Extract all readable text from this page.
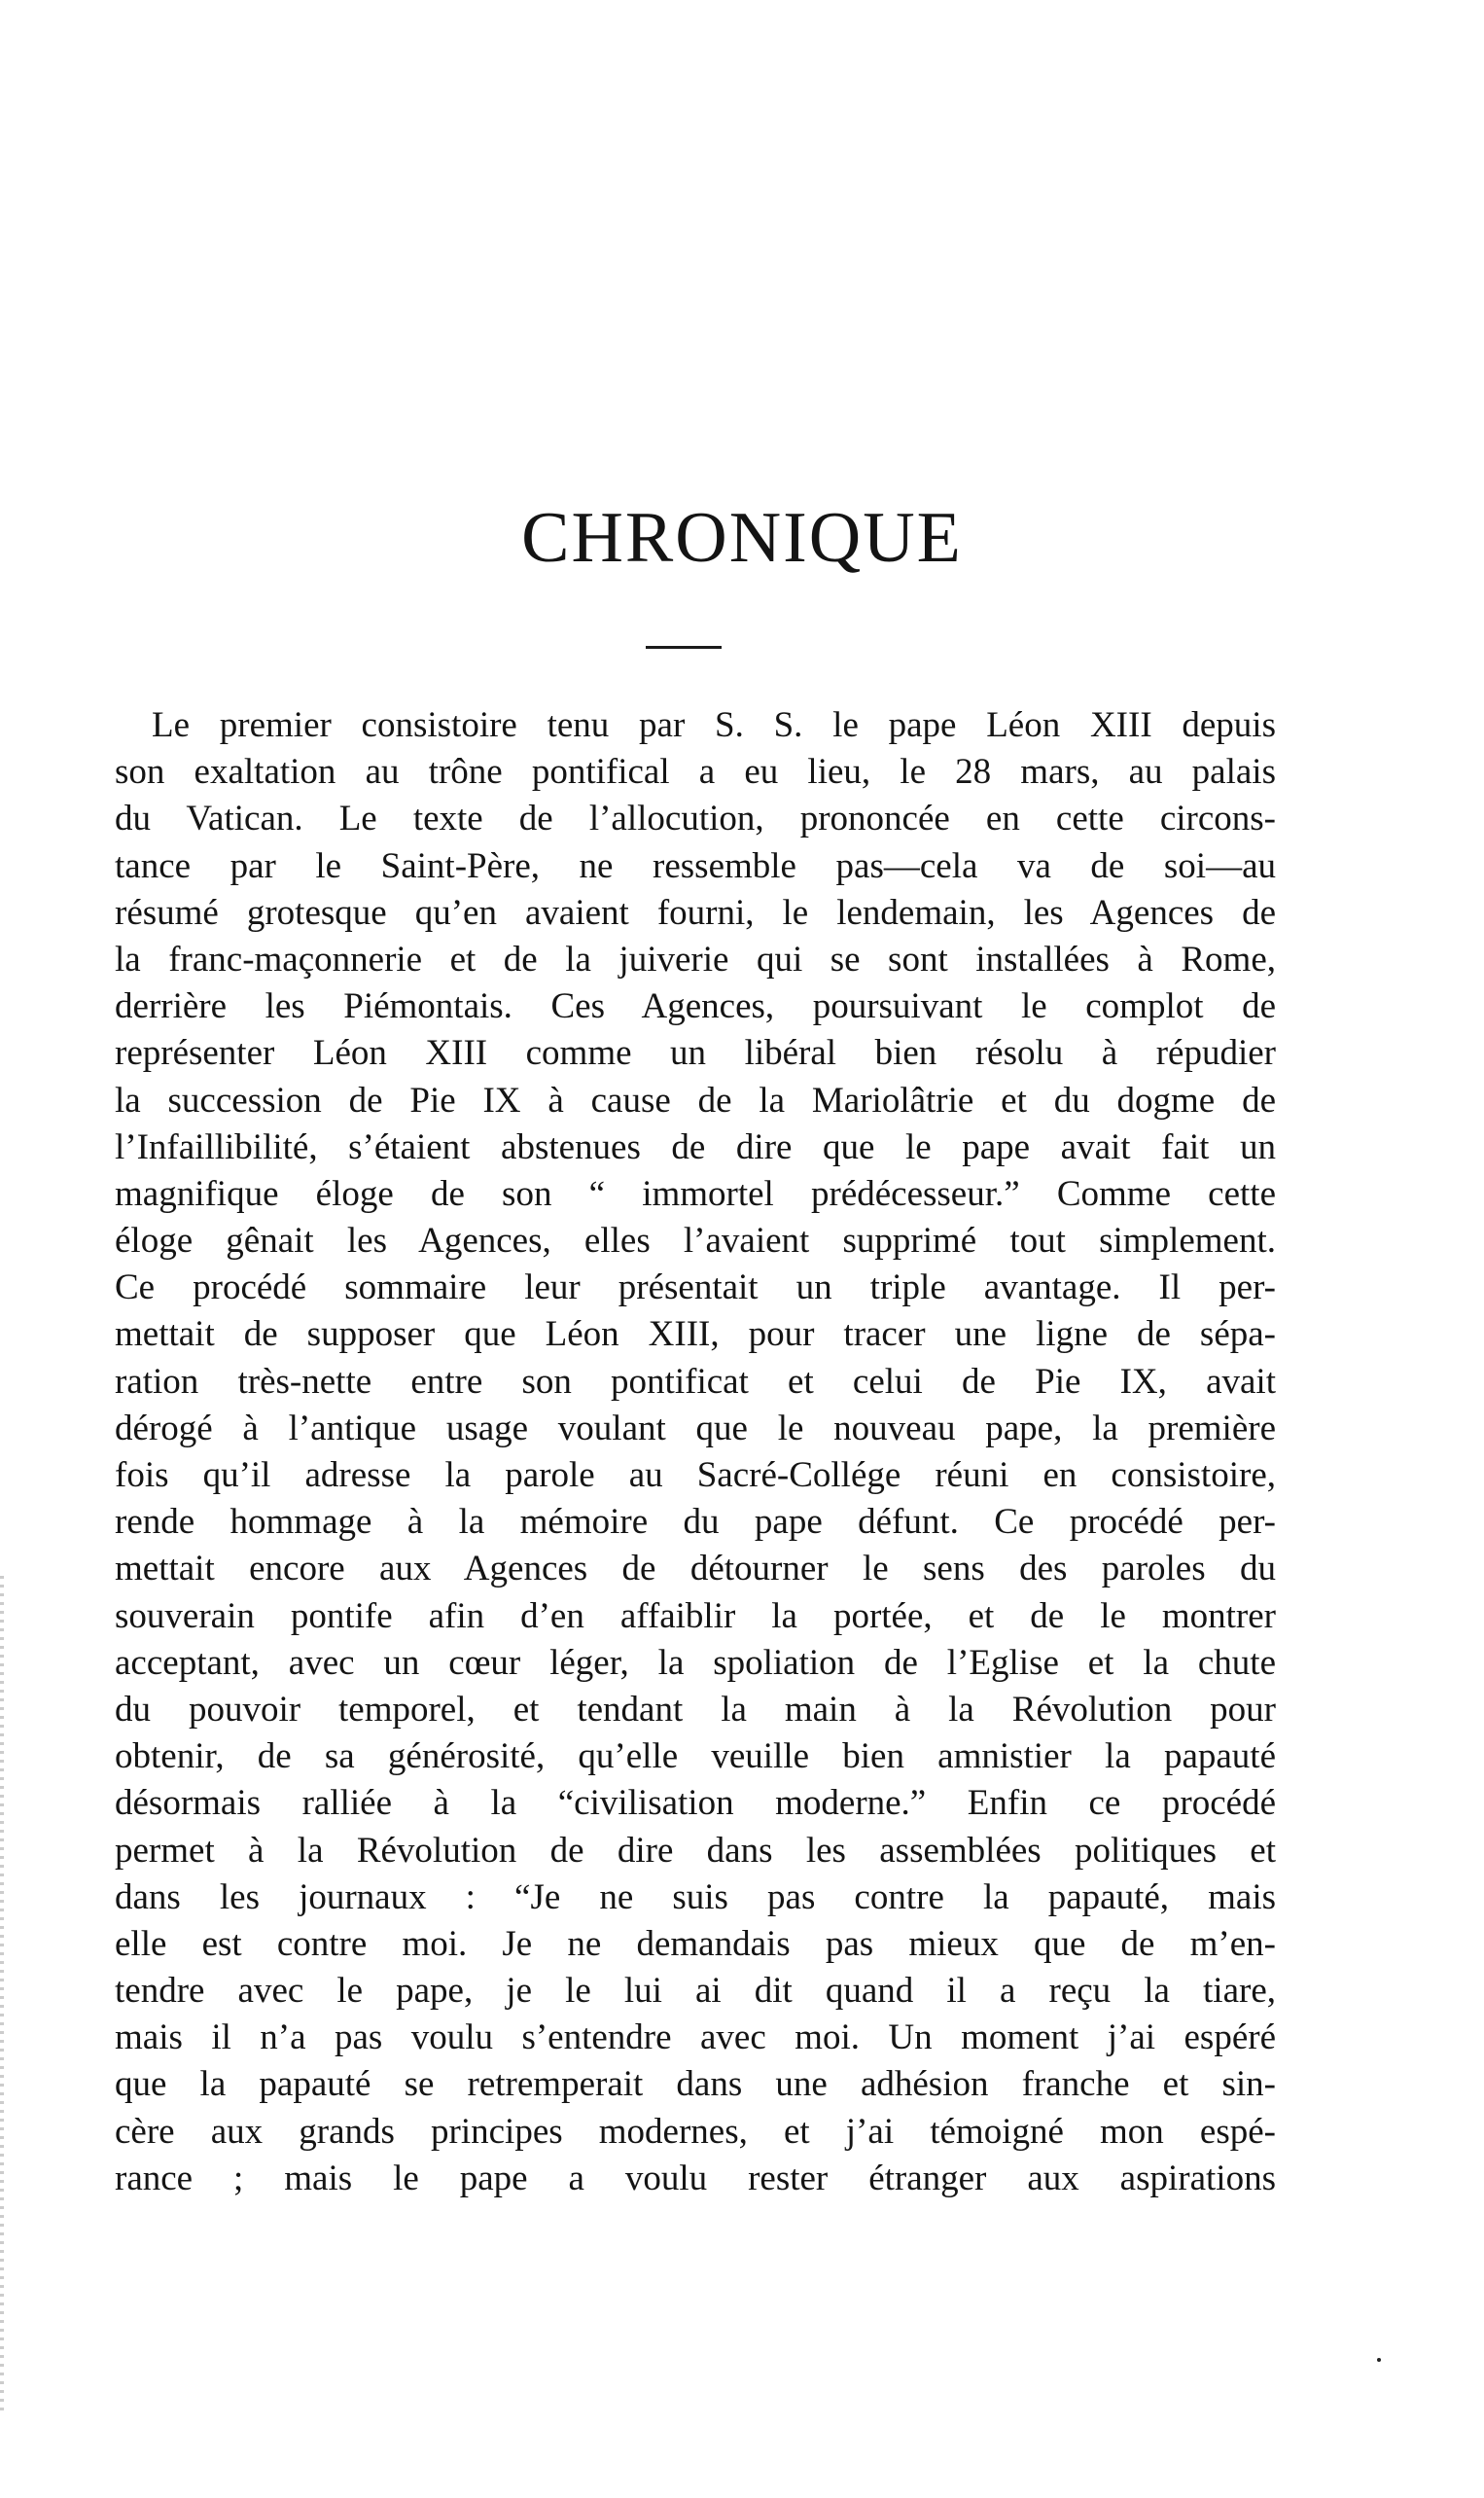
CHRONIQUE
Le premier consistoire tenu par S. S. le pape Léon XIII depuis
son exaltation au trône pontifical a eu lieu, le 28 mars, au palais
du Vatican. Le texte de l’allocution, prononcée en cette circons-
tance par le Saint-Père, ne ressemble pas—cela va de soi—au
résumé grotesque qu’en avaient fourni, le lendemain, les Agences de
la franc-maçonnerie et de la juiverie qui se sont installées à Rome,
derrière les Piémontais. Ces Agences, poursuivant le complot de
représenter Léon XIII comme un libéral bien résolu à répudier
la succession de Pie IX à cause de la Mariolâtrie et du dogme de
l’Infaillibilité, s’étaient abstenues de dire que le pape avait fait un
magnifique éloge de son “ immortel prédécesseur.” Comme cette
éloge gênait les Agences, elles l’avaient supprimé tout simplement.
Ce procédé sommaire leur présentait un triple avantage. Il per-
mettait de supposer que Léon XIII, pour tracer une ligne de sépa-
ration très-nette entre son pontificat et celui de Pie IX, avait
dérogé à l’antique usage voulant que le nouveau pape, la première
fois qu’il adresse la parole au Sacré-Collége réuni en consistoire,
rende hommage à la mémoire du pape défunt. Ce procédé per-
mettait encore aux Agences de détourner le sens des paroles du
souverain pontife afin d’en affaiblir la portée, et de le montrer
acceptant, avec un cœur léger, la spoliation de l’Eglise et la chute
du pouvoir temporel, et tendant la main à la Révolution pour
obtenir, de sa générosité, qu’elle veuille bien amnistier la papauté
désormais ralliée à la “civilisation moderne.” Enfin ce procédé
permet à la Révolution de dire dans les assemblées politiques et
dans les journaux : “Je ne suis pas contre la papauté, mais
elle est contre moi. Je ne demandais pas mieux que de m’en-
tendre avec le pape, je le lui ai dit quand il a reçu la tiare,
mais il n’a pas voulu s’entendre avec moi. Un moment j’ai espéré
que la papauté se retremperait dans une adhésion franche et sin-
cère aux grands principes modernes, et j’ai témoigné mon espé-
rance ; mais le pape a voulu rester étranger aux aspirations
